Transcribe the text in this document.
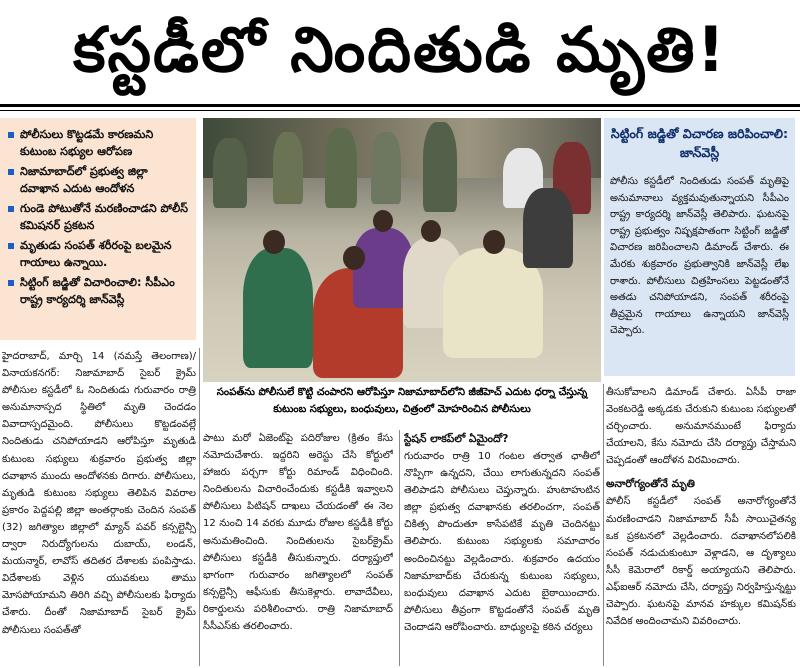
కస్టడీలో నిందితుడి మృతి!
పోలీసులు కొట్టడమే కారణమని కుటుంబ సభ్యుల ఆరోపణ
నిజామాబాద్‌లో ప్రభుత్వ జిల్లా దవాఖాన ఎదుట ఆందోళన
గుండె పోటుతోనే మరణించాడని పోలీస్ కమిషనర్ ప్రకటన
మృతుడు సంపత్ శరీరంపై బలమైన గాయాలు ఉన్నాయి.
సిట్టింగ్ జడ్జితో విచారించాలి: సీపీఎం రాష్ట్ర కార్యదర్శి జాన్‌వెస్లీ
సంపత్‌ను పోలీసులే కొట్టి చంపారని ఆరోపిస్తూ నిజామాబాద్‌లోని జీజీహెచ్ ఎదుట ధర్నా చేస్తున్న కుటుంబ సభ్యులు, బంధువులు, చిత్రంలో మోహరించిన పోలీసులు
సిట్టింగ్ జడ్జితో విచారణ జరిపించాలి: జాన్‌వెస్లీ
పోలీసు కస్టడీలో నిందితుడు సంపత్ మృతిపై అనుమానాలు వ్యక్తమవుతున్నాయని సీపీఎం రాష్ట్ర కార్యదర్శి జాన్‌వెస్లీ తెలిపారు. ఘటనపై రాష్ట్ర ప్రభుత్వం నిష్పక్షపాతంగా సిట్టింగ్ జడ్జితో విచారణ జరిపించాలని డిమాండ్ చేశారు. ఈ మేరకు శుక్రవారం ప్రభుత్వానికి జాన్‌వెస్లీ లేఖ రాశారు. పోలీసులు చిత్రహింసలు పెట్టడంతోనే అతడు చనిపోయాడని, సంపత్ శరీరంపై తీవ్రమైన గాయాలు ఉన్నాయని జాన్‌వెస్లీ చెప్పారు.
హైదరాబాద్, మార్చి 14 (నమస్తే తెలంగాణ)/వినాయకనగర్: నిజామాబాద్ సైబర్ క్రైమ్ పోలీసుల కస్టడీలో ఓ నిందితుడు గురువారం రాత్రి అనుమానాస్పద స్థితిలో మృతి చెందడం వివాదాస్పదమైంది. పోలీసులు కొట్టడంవల్లే నిందితుడు చనిపోయాడని ఆరోపిస్తూ మృతుడి కుటుంబ సభ్యులు శుక్రవారం ప్రభుత్వ జిల్లా దవాఖాన ముందు ఆందోళనకు దిగారు. పోలీసులు, మృతుడి కుటుంబ సభ్యులు తెలిపిన వివరాల ప్రకారం పెద్దపల్లి జిల్లా అంతర్గాంకు చెందిన సంపత్ (32) జగిత్యాల జిల్లాలో మ్యాన్ పవర్ కన్సల్టెన్సీ ద్వారా నిరుద్యోగులను దుబాయ్, లండన్, మయన్మార్, లావోస్ తదితర దేశాలకు పంపిస్తాడు. విదేశాలకు వెళ్లిన యువకులు తాము మోసపోయామని తిరిగి వచ్చి పోలీసులకు ఫిర్యాదు చేశారు. దీంతో నిజామాబాద్ సైబర్ క్రైమ్ పోలీసులు సంపత్‌తో
పాటు మరో ఏజెంట్‌పై పదిరోజుల (క్రితం కేసు నమోదుచేశారు. ఇద్దరిని అరెస్టు చేసి కోర్టులో హాజరు పర్చగా కోర్టు రిమాండ్ విధించింది. నిందితులను విచారించేందుకు కస్టడీకి ఇవ్వాలని పోలీసులు పిటిషన్ దాఖలు చేయడంతో ఈ నెల 12 నుంచి 14 వరకు మూడు రోజుల కస్టడీకి కోర్టు అనుమతించింది. నిందితులను సైబర్‌క్రైమ్ పోలీసులు కస్టడీకి తీసుకున్నారు. దర్యాప్తులో భాగంగా గురువారం జగిత్యాలలో సంపత్ కన్సల్టెన్సీ ఆఫీసుకు తీసుకెళ్లారు. లావాదేవీలు, రికార్డులను పరిశీలించారు. రాత్రి నిజామాబాద్ సీసీఎస్‌కు తరలించారు.
స్టేషన్ లాకప్‌లో ఏమైందో?
గురువారం రాత్రి 10 గంటల తర్వాత ఛాతీలో నొప్పిగా ఉన్నదని, చేయి లాగుతున్నదని సంపత్ తెలిపాడని పోలీసులు చెప్తున్నారు. హుటాహుటిన జిల్లా ప్రభుత్వ దవాఖానకు తరలించగా, సంపత్ చికిత్స పొందుతూ కాసేపటికే మృతి చెందినట్టు తెలిపారు. కుటుంబ సభ్యులకు సమాచారం అందించినట్టు వెల్లడించారు. శుక్రవారం ఉదయం నిజామాబాద్‌కు చేరుకున్న కుటుంబ సభ్యులు, బంధువులు దవాఖాన ఎదుట బైఠాయించారు. పోలీసులు తీవ్రంగా కొట్టడంతోనే సంపత్ మృతి చెందాడని ఆరోపించారు. బాధ్యులపై కఠిన చర్యలు
తీసుకోవాలని డిమాండ్ చేశారు. ఏసీపీ రాజా వెంకటరెడ్డి అక్కడకు చేరుకుని కుటుంబ సభ్యులతో చర్చించారు. అనుమానముంటే ఫిర్యాదు చేయాలని, కేసు నమోదు చేసి దర్యాప్తు చేస్తామని చెప్పడంతో ఆందోళన విరమించారు.
అనారోగ్యంతోనే మృతి
పోలీస్ కస్టడీలో సంపత్ అనారోగ్యంతోనే మరణించాడని నిజామాబాద్ సీపీ సాయిచైతన్య ఒక ప్రకటనలో వెల్లడించారు. దవాఖానలోపలికి సంపత్ నడుచుకుంటూ వెళ్లాడని, ఆ దృశ్యాలు సీసీ కెమెరాలో రికార్డ్ అయ్యాయని తెలిపారు. ఎఫ్ఐఆర్ నమోదు చేసి, దర్యాప్తు నిర్వహిస్తున్నట్టు చెప్పారు. ఘటనపై మానవ హక్కుల కమిషన్‌కు నివేదిక అందించామని వివరించారు.
